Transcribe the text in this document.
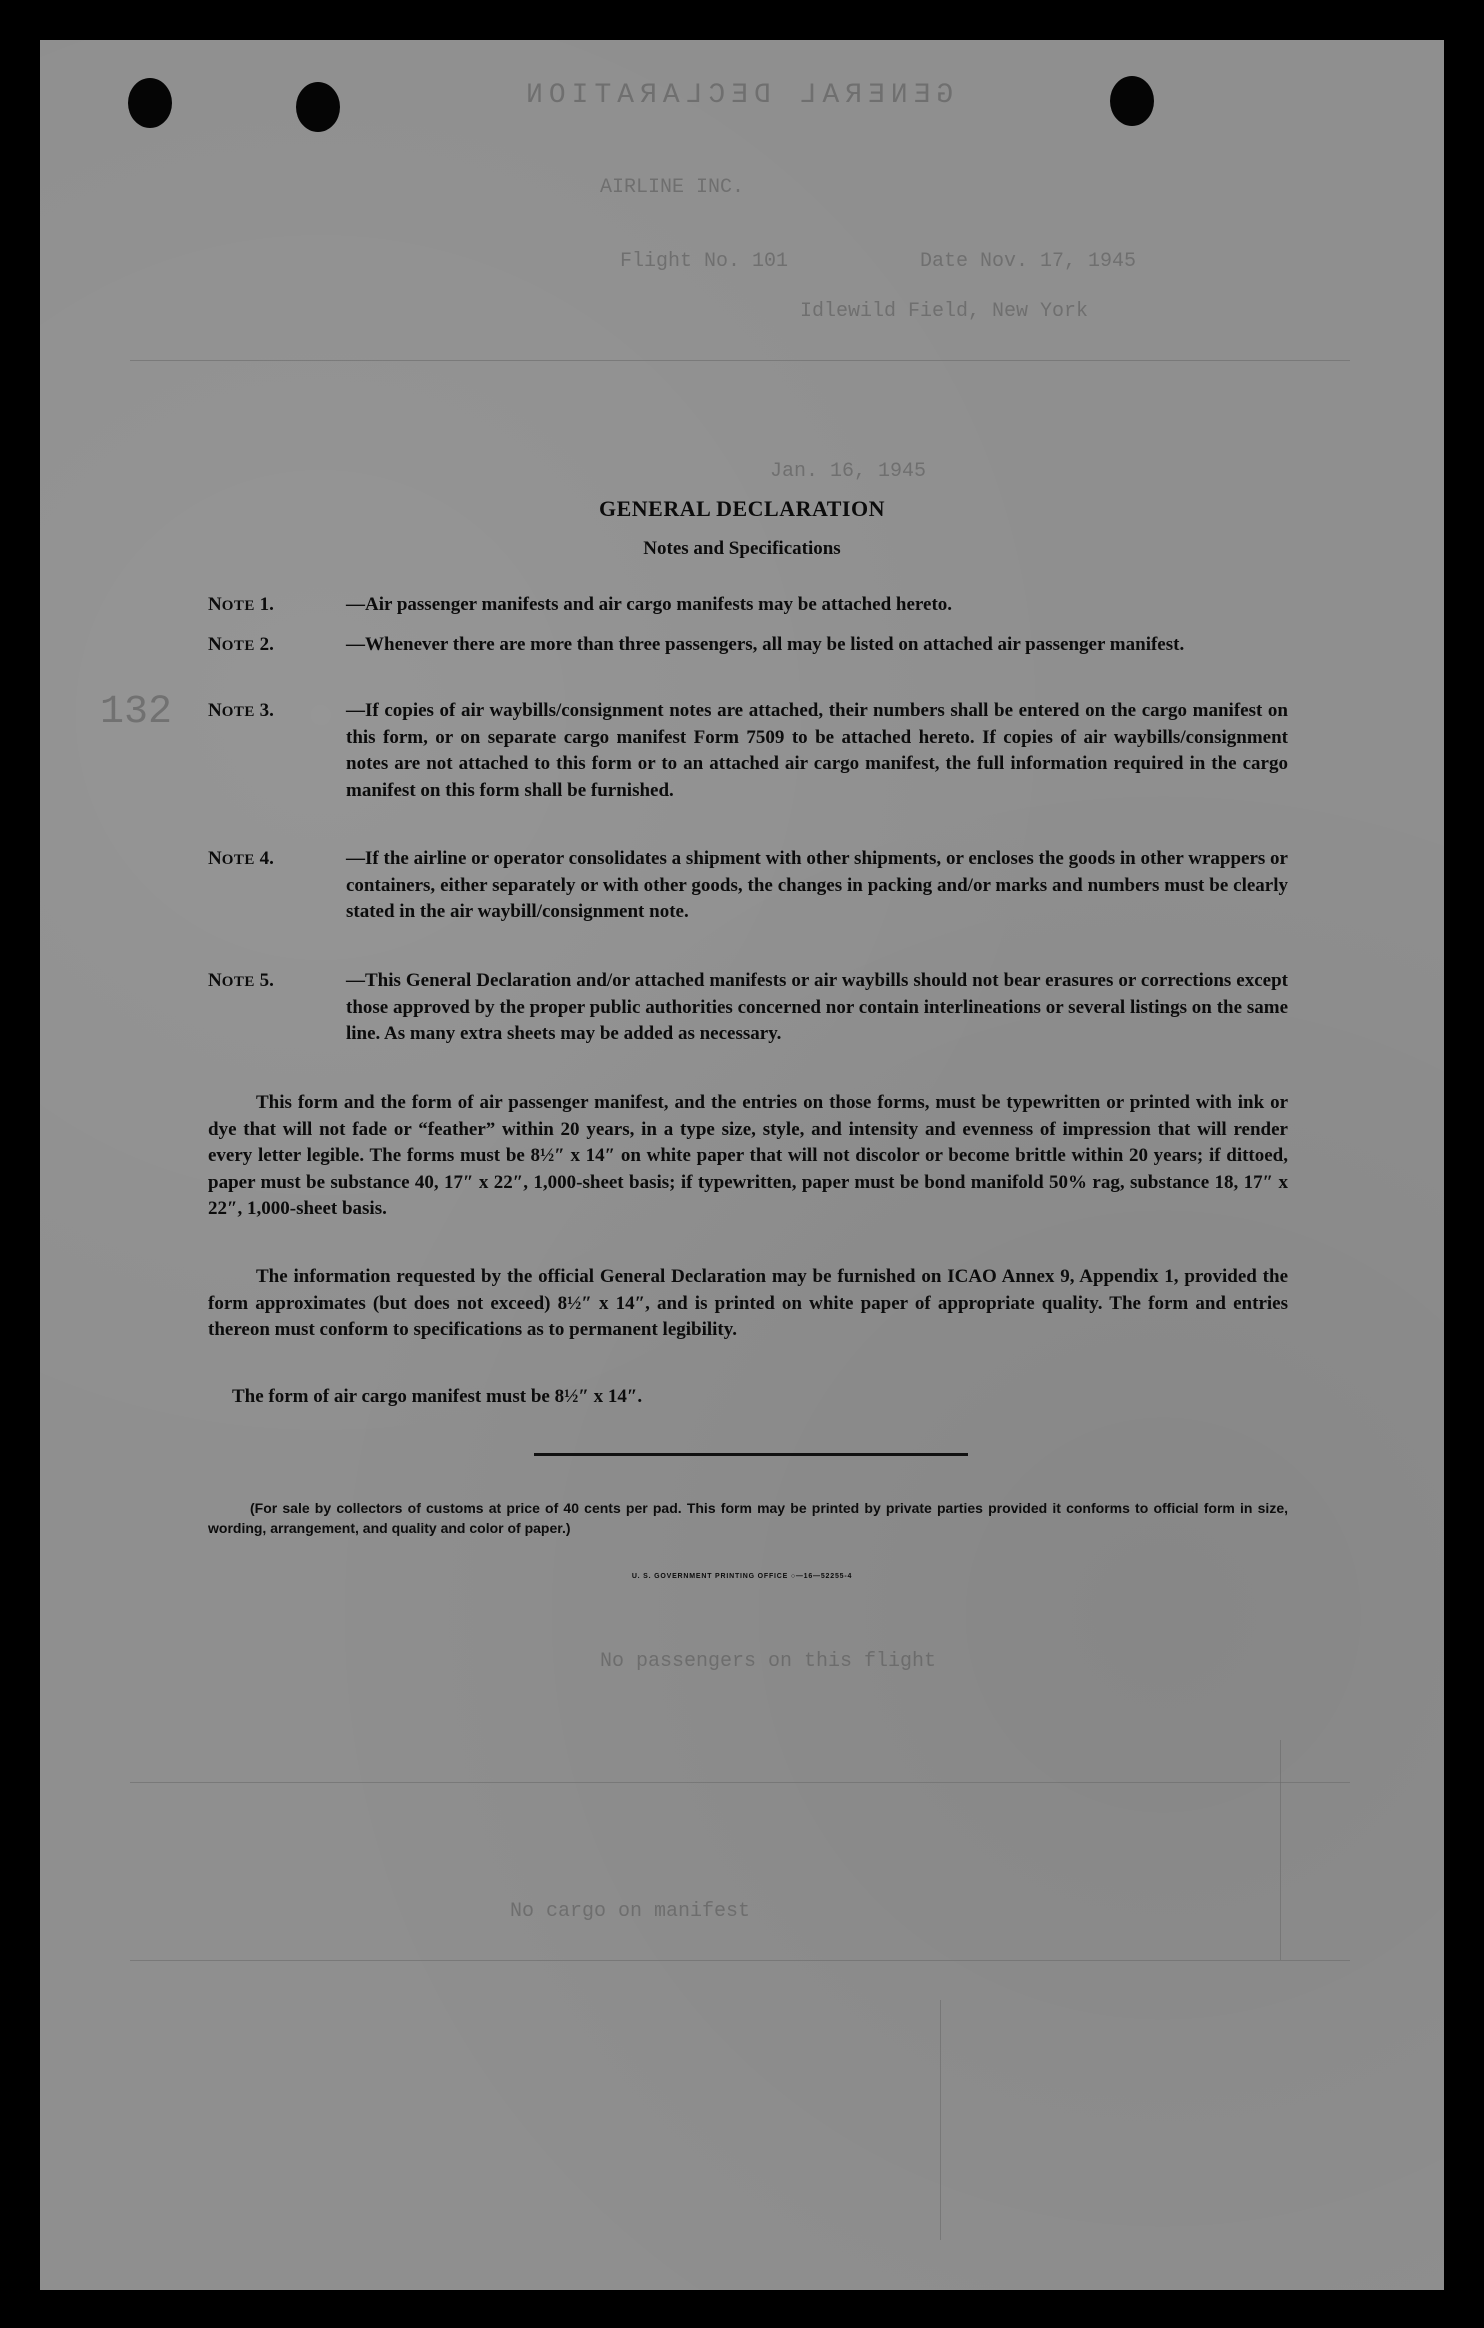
GENERAL DECLARATION
AIRLINE INC.
Date Nov. 17, 1945
Flight No. 101
Idlewild Field, New York
Jan. 16, 1945
132
No passengers on this flight
No cargo on manifest
GENERAL DECLARATION
Notes and Specifications
NOTE 1.	—Air passenger manifests and air cargo manifests may be attached hereto.
NOTE 2.	—Whenever there are more than three passengers, all may be listed on attached air passenger manifest.
NOTE 3.	—If copies of air waybills/consignment notes are attached, their numbers shall be entered on the cargo manifest on this form, or on separate cargo manifest Form 7509 to be attached hereto. If copies of air waybills/consignment notes are not attached to this form or to an attached air cargo manifest, the full information required in the cargo manifest on this form shall be furnished.
NOTE 4.	—If the airline or operator consolidates a shipment with other shipments, or encloses the goods in other wrappers or containers, either separately or with other goods, the changes in packing and/or marks and numbers must be clearly stated in the air waybill/consignment note.
NOTE 5.	—This General Declaration and/or attached manifests or air waybills should not bear erasures or corrections except those approved by the proper public authorities concerned nor contain interlineations or several listings on the same line. As many extra sheets may be added as necessary.
This form and the form of air passenger manifest, and the entries on those forms, must be typewritten or printed with ink or dye that will not fade or “feather” within 20 years, in a type size, style, and intensity and evenness of impression that will render every letter legible. The forms must be 8½″ x 14″ on white paper that will not discolor or become brittle within 20 years; if dittoed, paper must be substance 40, 17″ x 22″, 1,000-sheet basis; if typewritten, paper must be bond manifold 50% rag, substance 18, 17″ x 22″, 1,000-sheet basis.
The information requested by the official General Declaration may be furnished on ICAO Annex 9, Appendix 1, provided the form approximates (but does not exceed) 8½″ x 14″, and is printed on white paper of appropriate quality. The form and entries thereon must conform to specifications as to permanent legibility.
The form of air cargo manifest must be 8½″ x 14″.
(For sale by collectors of customs at price of 40 cents per pad. This form may be printed by private parties provided it conforms to official form in size, wording, arrangement, and quality and color of paper.)
U. S. GOVERNMENT PRINTING OFFICE ○—16—52255-4
